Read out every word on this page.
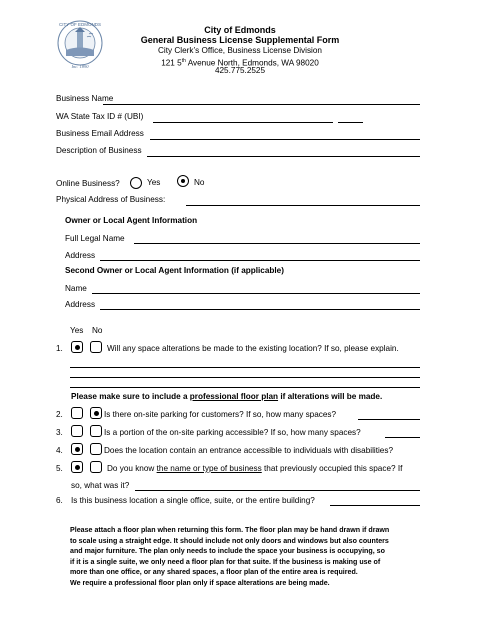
CITY OF EDMONDS
Inc. 1890
City of Edmonds
General Business License Supplemental Form
City Clerk’s Office, Business License Division
121 5th Avenue North, Edmonds, WA 98020
425.775.2525
Business Name
WA State Tax ID # (UBI)
Business Email Address
Description of Business
Online Business?	Yes	No
Physical Address of Business:
Owner or Local Agent Information
Full Legal Name
Address
Second Owner or Local Agent Information (if applicable)
Name
Address
Yes No
1.	Will any space alterations be made to the existing location? If so, please explain.
Please make sure to include a professional floor plan if alterations will be made.
2.	Is there on-site parking for customers? If so, how many spaces?
3.	Is a portion of the on-site parking accessible? If so, how many spaces?
4.	Does the location contain an entrance accessible to individuals with disabilities?
5.	Do you know the name or type of business that previously occupied this space? If
so, what was it?
6. Is this business location a single office, suite, or the entire building?
Please attach a floor plan when returning this form. The floor plan may be hand drawn if drawn
to scale using a straight edge. It should include not only doors and windows but also counters
and major furniture. The plan only needs to include the space your business is occupying, so
if it is a single suite, we only need a floor plan for that suite. If the business is making use of
more than one office, or any shared spaces, a floor plan of the entire area is required.
We require a professional floor plan only if space alterations are being made.
